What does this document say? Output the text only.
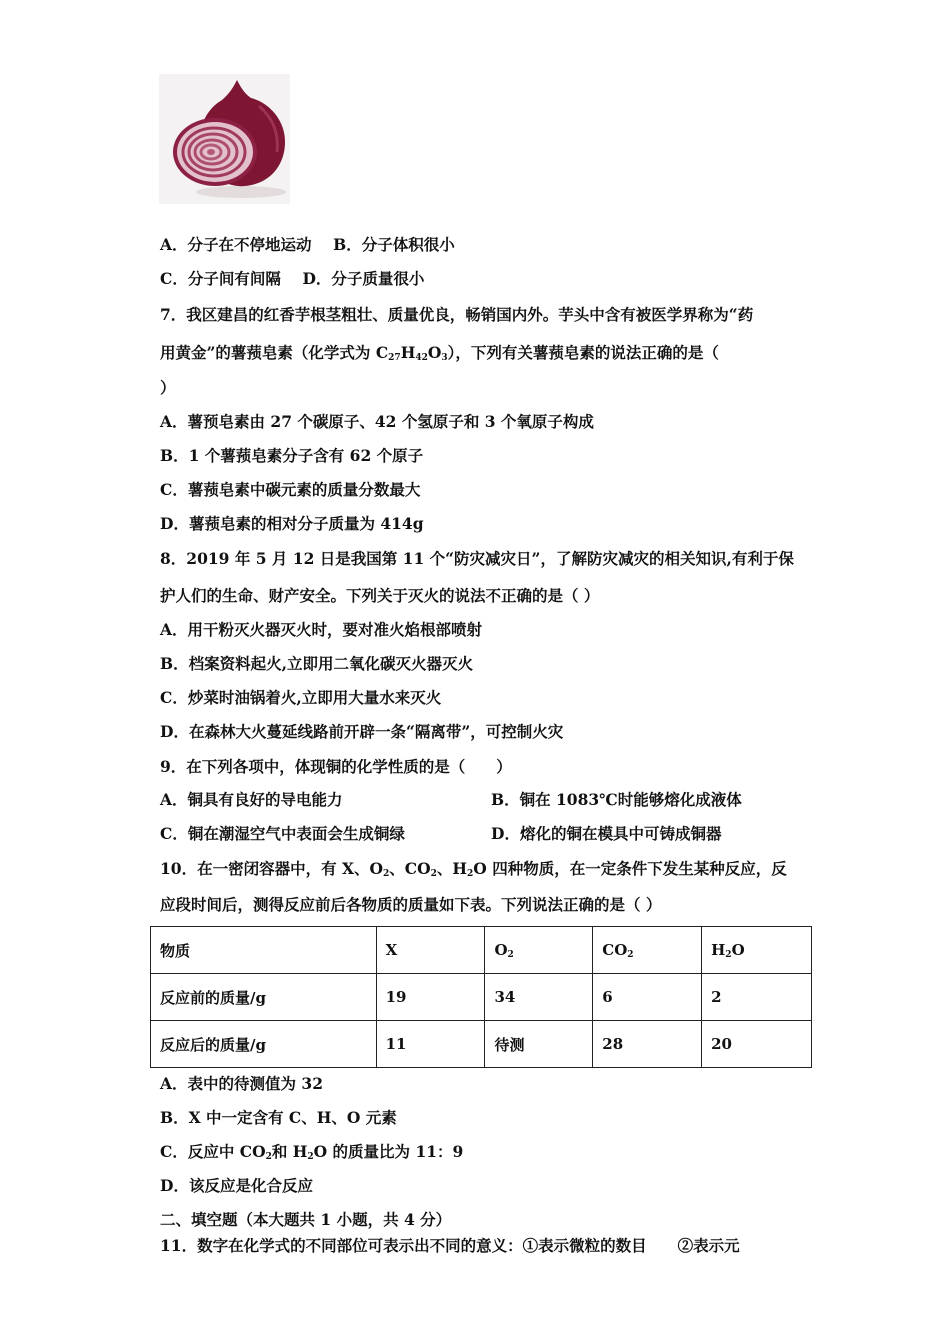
A．分子在不停地运动 B．分子体积很小
C．分子间有间隔 D．分子质量很小
7．我区建昌的红香芋根茎粗壮、质量优良，畅销国内外。芋头中含有被医学界称为“药
用黄金”的薯蓣皂素（化学式为 $C_{27}H_{42}O_3$），下列有关薯蓣皂素的说法正确的是（
）
A．薯预皂素由 27 个碳原子、42 个氢原子和 3 个氧原子构成
B．1 个薯蓣皂素分子含有 62 个原子
C．薯蓣皂素中碳元素的质量分数最大
D．薯蓣皂素的相对分子质量为 414g
8．2019 年 5 月 12 日是我国第 11 个“防灾减灾日”，了解防灾减灾的相关知识,有利于保
护人们的生命、财产安全。下列关于灭火的说法不正确的是（ ）
A．用干粉灭火器灭火时，要对准火焰根部喷射
B．档案资料起火,立即用二氧化碳灭火器灭火
C．炒菜时油锅着火,立即用大量水来灭火
D．在森林大火蔓延线路前开辟一条“隔离带”，可控制火灾
9．在下列各项中，体现铜的化学性质的是（　　）
A．铜具有良好的导电能力	B．铜在 1083℃时能够熔化成液体
C．铜在潮湿空气中表面会生成铜绿	D．熔化的铜在模具中可铸成铜器
10．在一密闭容器中，有 X、$O_2$、$CO_2$、$H_2O$ 四种物质，在一定条件下发生某种反应，反
应段时间后，测得反应前后各物质的质量如下表。下列说法正确的是（ ）
物质	X	$O_2$	$CO_2$	$H_2O$
反应前的质量/g	19	34	6	2
反应后的质量/g	11	待测	28	20
A．表中的待测值为 32
B．X 中一定含有 C、H、O 元素
C．反应中 $CO_2$和 $H_2O$ 的质量比为 11：9
D．该反应是化合反应
二、填空题（本大题共 1 小题，共 4 分）
11．数字在化学式的不同部位可表示出不同的意义：①表示微粒的数目　　②表示元
